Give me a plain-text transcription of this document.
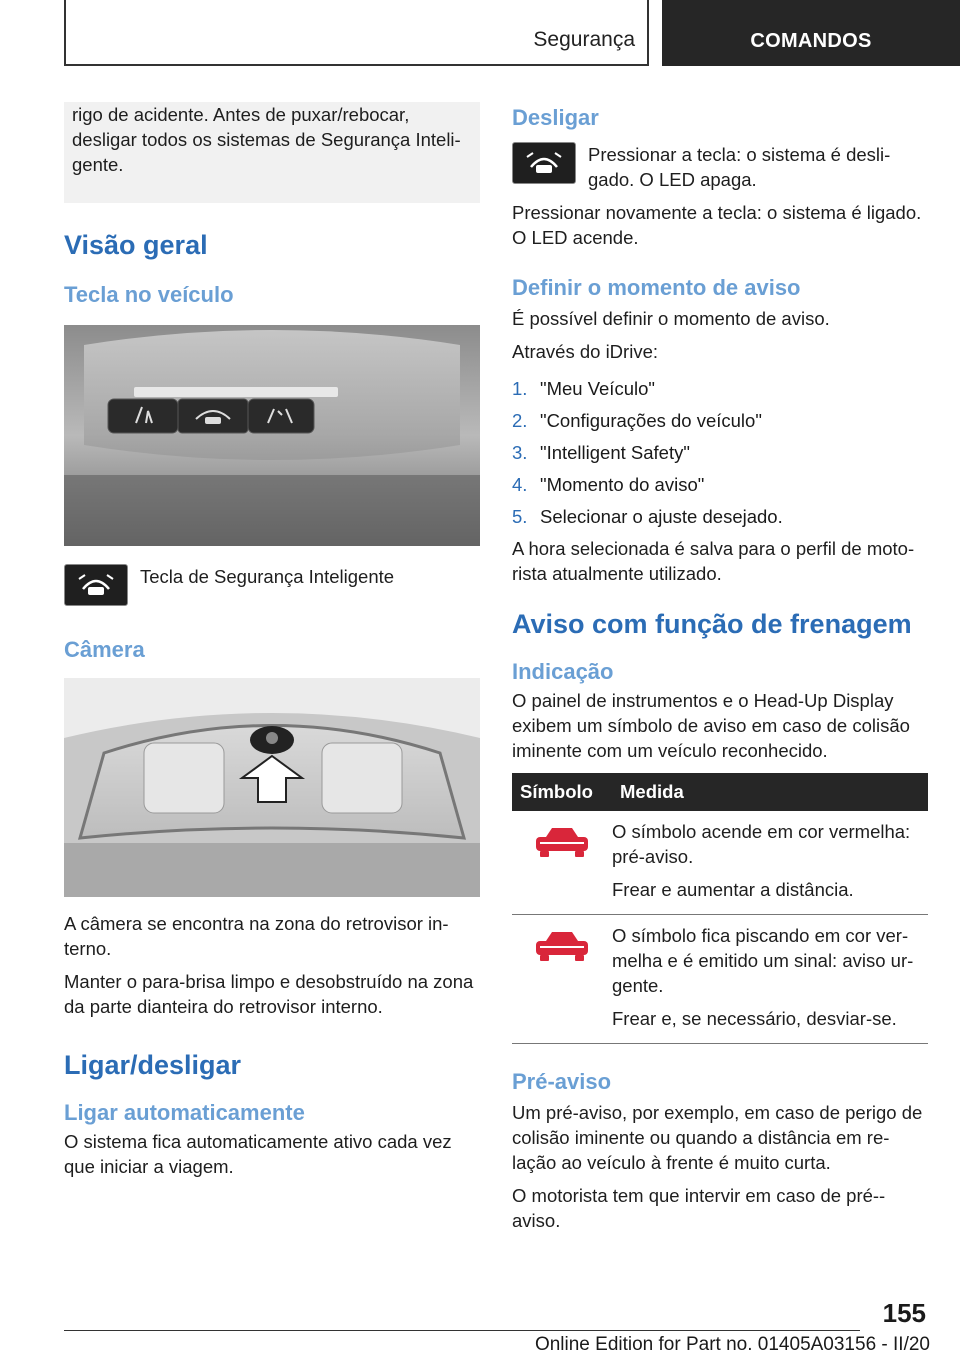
Segurança	COMANDOS

rigo de acidente. Antes de puxar/rebocar, desligar todos os sistemas de Segurança Inteli‐gente.

Visão geral
Tecla no veículo

Tecla de Segurança Inteligente

Câmera

A câmera se encontra na zona do retrovisor in‐terno.

Manter o para-brisa limpo e desobstruído na zona da parte dianteira do retrovisor interno.

Ligar/desligar
Ligar automaticamente

O sistema fica automaticamente ativo cada vez que iniciar a viagem.

Desligar

Pressionar a tecla: o sistema é desli‐gado. O LED apaga.

Pressionar novamente a tecla: o sistema é ligado. O LED acende.

Definir o momento de aviso

É possível definir o momento de aviso.

Através do iDrive:

1. "Meu Veículo"
2. "Configurações do veículo"
3. "Intelligent Safety"
4. "Momento do aviso"
5. Selecionar o ajuste desejado.

A hora selecionada é salva para o perfil de moto‐rista atualmente utilizado.

Aviso com função de frenagem
Indicação

O painel de instrumentos e o Head-Up Display exibem um símbolo de aviso em caso de colisão iminente com um veículo reconhecido.

Símbolo	Medida

O símbolo acende em cor vermelha: pré-aviso.

Frear e aumentar a distância.

O símbolo fica piscando em cor ver‐melha e é emitido um sinal: aviso ur‐gente.

Frear e, se necessário, desviar-se.

Pré-aviso

Um pré-aviso, por exemplo, em caso de perigo de colisão iminente ou quando a distância em re‐lação ao veículo à frente é muito curta.

O motorista tem que intervir em caso de pré-‐aviso.

155
Online Edition for Part no. 01405A03156 - II/20
